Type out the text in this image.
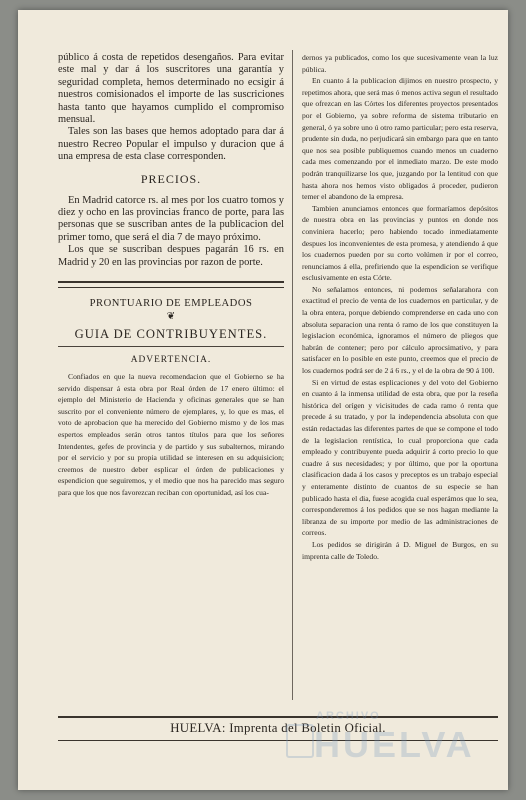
público á costa de repetidos desengaños. Para evitar este mal y dar á los suscritores una garantía y seguridad completa, hemos determinado no ecsigir á nuestros comisionados el importe de las suscriciones hasta tanto que hayamos cumplido el compromiso mensual.

Tales son las bases que hemos adoptado para dar á nuestro Recreo Popular el impulso y duracion que á una empresa de esta clase corresponden.

PRECIOS.

En Madrid catorce rs. al mes por los cuatro tomos y diez y ocho en las provincias franco de porte, para las personas que se suscriban antes de la publicacion del primer tomo, que será el dia 7 de mayo próximo.

Los que se suscriban despues pagarán 16 rs. en Madrid y 20 en las provincias por razon de porte.

PRONTUARIO DE EMPLEADOS
❦
GUIA DE CONTRIBUYENTES.
ADVERTENCIA.

Confiados en que la nueva recomendacion que el Gobierno se ha servido dispensar á esta obra por Real órden de 17 enero último: el ejemplo del Ministerio de Hacienda y oficinas generales que se han suscrito por el conveniente número de ejemplares, y, lo que es mas, el voto de aprobacion que ha merecido del Gobierno mismo y de los mas espertos empleados serán otros tantos títulos para que los señores Intendentes, gefes de provincia y de partido y sus subalternos, mirando por el servicio y por su propia utilidad se interesen en su adquisicion; creemos de nuestro deber esplicar el órden de publicaciones y espendicion que seguiremos, y el medio que nos ha parecido mas seguro para que los que nos favorezcan reciban con oportunidad, así los cua-

dernos ya publicados, como los que sucesivamente vean la luz pública.

En cuanto á la publicacion dijimos en nuestro prospecto, y repetimos ahora, que será mas ó menos activa segun el resultado que ofrezcan en las Córtes los diferentes proyectos presentados por el Gobierno, ya sobre reforma de sistema tributario en general, ó ya sobre uno ú otro ramo particular; pero esta reserva, prudente sin duda, no perjudicará sin embargo para que en tanto que nos sea posible publiquemos cuando menos un cuaderno cada mes comenzando por el inmediato marzo. De este modo podrán tranquilizarse los que, juzgando por la lentitud con que hasta ahora nos hemos visto obligados á proceder, pudieron temer el abandono de la empresa.

Tambien anunciamos entonces que formaríamos depósitos de nuestra obra en las provincias y puntos en donde nos conviniera hacerlo; pero habiendo tocado inmediatamente despues los inconvenientes de esta promesa, y atendiendo á que los cuadernos pueden por su corto volúmen ir por el correo, renunciamos á ella, prefiriendo que la espendicion se verifique esclusivamente en esta Córte.

No señalamos entonces, ni podemos señalarahora con exactitud el precio de venta de los cuadernos en particular, y de la obra entera, porque debiendo comprenderse en cada uno con absoluta separacion una renta ó ramo de los que constituyen la legislacion económica, ignoramos el número de pliegos que habrán de contener; pero por cálculo aprocsimativo, y para satisfacer en lo posible en este punto, creemos que el precio de los cuadernos podrá ser de 2 á 6 rs., y el de la obra de 90 á 100.

Si en virtud de estas esplicaciones y del voto del Gobierno en cuanto á la inmensa utilidad de esta obra, que por la reseña histórica del orígen y vicisitudes de cada ramo ó renta que precede á su tratado, y por la independencia absoluta con que están redactadas las diferentes partes de que se compone el todo de la legislacion rentística, lo cual proporciona que cada empleado y contribuyente pueda adquirir á corto precio lo que cuadre á sus necesidades; y por último, que por la oportuna clasificacion dada á los casos y preceptos es un trabajo especial y enteramente distinto de cuantos de su especie se han publicado hasta el dia, fuese acogida cual esperámos que lo sea, corresponderemos á los pedidos que se nos hagan mediante la libranza de su importe por medio de las administraciones de correos.

Los pedidos se dirigirán á D. Miguel de Burgos, en su imprenta calle de Toledo.

HUELVA: Imprenta del Boletin Oficial.
ARCHIVO
HUELVA
